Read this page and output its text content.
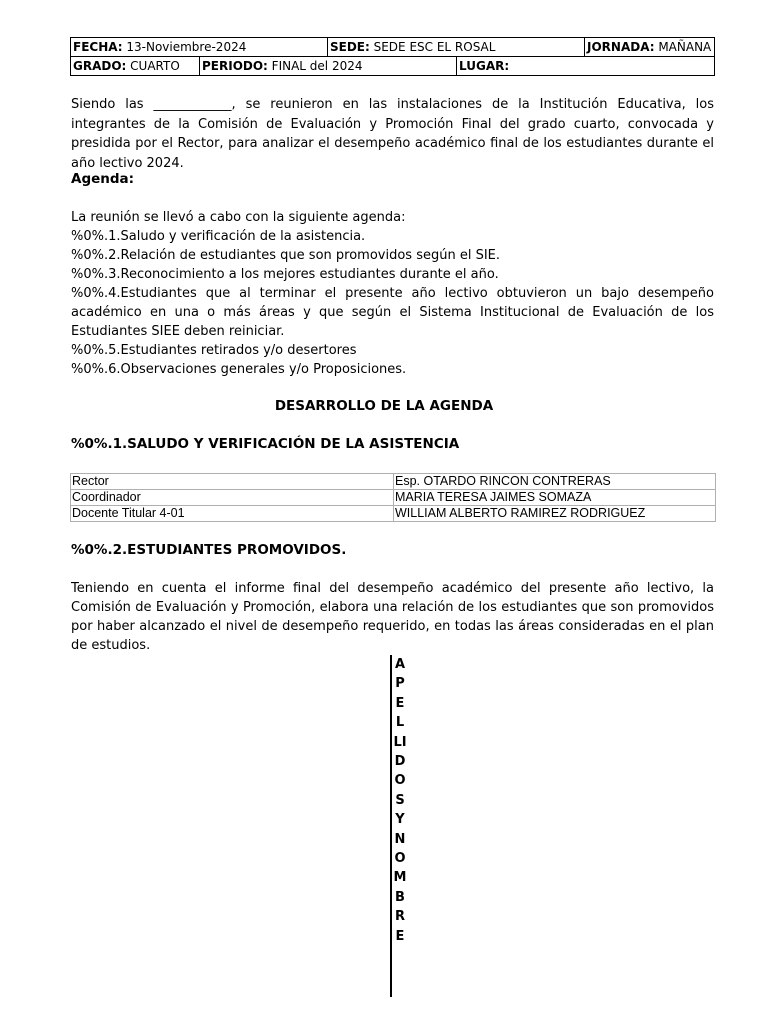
FECHA: 13-Noviembre-2024	SEDE: SEDE ESC EL ROSAL	JORNADA: MAÑANA

GRADO: CUARTO	PERIODO: FINAL del 2024	LUGAR:

Siendo las ____________, se reunieron en las instalaciones de la Institución Educativa, los integrantes de la Comisión de Evaluación y Promoción Final del grado cuarto, convocada y presidida por el Rector, para analizar el desempeño académico final de los estudiantes durante el año lectivo 2024.

Agenda:

La reunión se llevó a cabo con la siguiente agenda:

%0%.1.Saludo y verificación de la asistencia.

%0%.2.Relación de estudiantes que son promovidos según el SIE.

%0%.3.Reconocimiento a los mejores estudiantes durante el año.

%0%.4.Estudiantes que al terminar el presente año lectivo obtuvieron un bajo desempeño académico en una o más áreas y que según el Sistema Institucional de Evaluación de los Estudiantes SIEE deben reiniciar.

%0%.5.Estudiantes retirados y/o desertores

%0%.6.Observaciones generales y/o Proposiciones.

DESARROLLO DE LA AGENDA

%0%.1.SALUDO Y VERIFICACIÓN DE LA ASISTENCIA

Rector	Esp. OTARDO RINCON CONTRERAS
Coordinador	MARIA TERESA JAIMES SOMAZA
Docente Titular 4-01	WILLIAM ALBERTO RAMIREZ RODRIGUEZ

%0%.2.ESTUDIANTES PROMOVIDOS.

Teniendo en cuenta el informe final del desempeño académico del presente año lectivo, la Comisión de Evaluación y Promoción, elabora una relación de los estudiantes que son promovidos por haber alcanzado el nivel de desempeño requerido, en todas las áreas consideradas en el plan de estudios.

APELLIDOS Y NOMBRE
